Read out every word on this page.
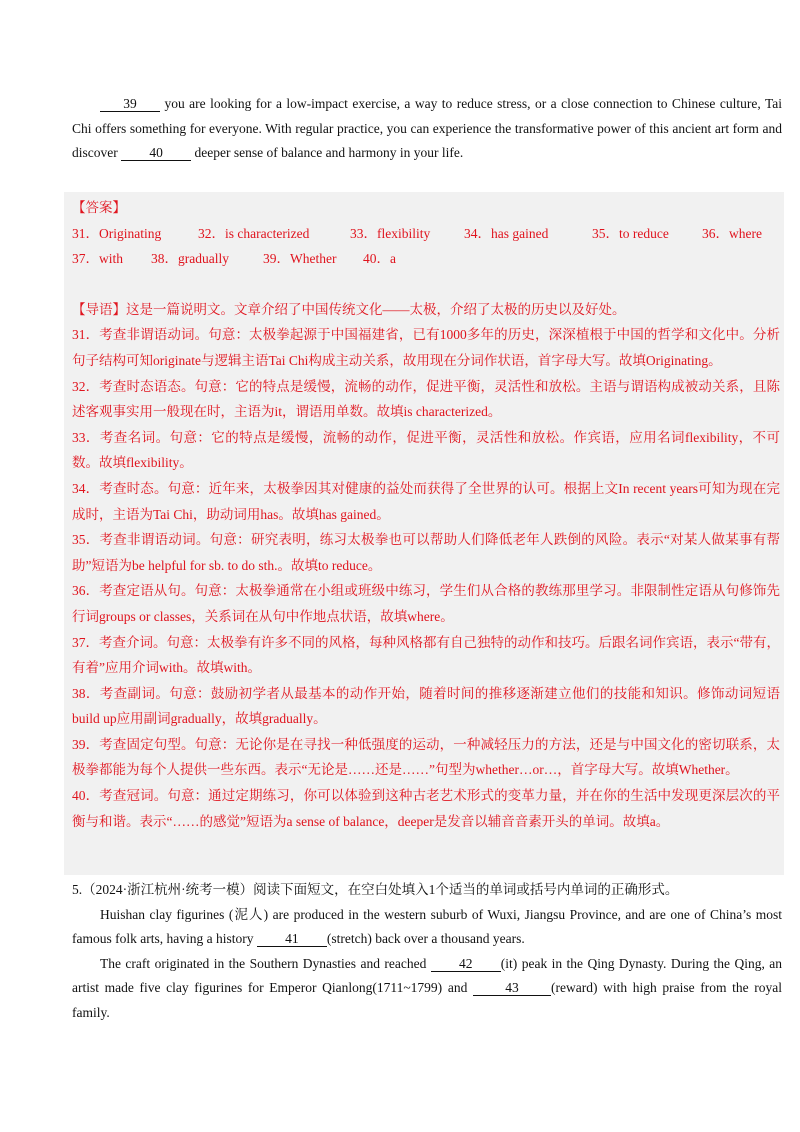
39 you are looking for a low-impact exercise, a way to reduce stress, or a close connection to Chinese culture, Tai Chi offers something for everyone. With regular practice, you can experience the transformative power of this ancient art form and discover 40 deeper sense of balance and harmony in your life.

【答案】
31．Originating	32．is characterized	33．flexibility	34．has gained	35．to reduce	36．where
37．with	38．gradually	39．Whether	40．a
【导语】这是一篇说明文。文章介绍了中国传统文化——太极，介绍了太极的历史以及好处。
31．考查非谓语动词。句意：太极拳起源于中国福建省，已有1000多年的历史，深深植根于中国的哲学和文化中。分析句子结构可知originate与逻辑主语Tai Chi构成主动关系，故用现在分词作状语，首字母大写。故填Originating。
32．考查时态语态。句意：它的特点是缓慢，流畅的动作，促进平衡，灵活性和放松。主语与谓语构成被动关系，且陈述客观事实用一般现在时，主语为it，谓语用单数。故填is characterized。
33．考查名词。句意：它的特点是缓慢，流畅的动作，促进平衡，灵活性和放松。作宾语，应用名词flexibility，不可数。故填flexibility。
34．考查时态。句意：近年来，太极拳因其对健康的益处而获得了全世界的认可。根据上文In recent years可知为现在完成时，主语为Tai Chi，助动词用has。故填has gained。
35．考查非谓语动词。句意：研究表明，练习太极拳也可以帮助人们降低老年人跌倒的风险。表示“对某人做某事有帮助”短语为be helpful for sb. to do sth.。故填to reduce。
36．考查定语从句。句意：太极拳通常在小组或班级中练习，学生们从合格的教练那里学习。非限制性定语从句修饰先行词groups or classes，关系词在从句中作地点状语，故填where。
37．考查介词。句意：太极拳有许多不同的风格，每种风格都有自己独特的动作和技巧。后跟名词作宾语，表示“带有，有着”应用介词with。故填with。
38．考查副词。句意：鼓励初学者从最基本的动作开始，随着时间的推移逐渐建立他们的技能和知识。修饰动词短语build up应用副词gradually，故填gradually。
39．考查固定句型。句意：无论你是在寻找一种低强度的运动，一种减轻压力的方法，还是与中国文化的密切联系，太极拳都能为每个人提供一些东西。表示“无论是……还是……”句型为whether…or…，首字母大写。故填Whether。
40．考查冠词。句意：通过定期练习，你可以体验到这种古老艺术形式的变革力量，并在你的生活中发现更深层次的平衡与和谐。表示“……的感觉”短语为a sense of balance，deeper是发音以辅音音素开头的单词。故填a。

5.（2024·浙江杭州·统考一模）阅读下面短文，在空白处填入1个适当的单词或括号内单词的正确形式。

Huishan clay figurines (泥人) are produced in the western suburb of Wuxi, Jiangsu Province, and are one of China’s most famous folk arts, having a history 41 (stretch) back over a thousand years.

The craft originated in the Southern Dynasties and reached 42 (it) peak in the Qing Dynasty. During the Qing, an artist made five clay figurines for Emperor Qianlong(1711~1799) and 43 (reward) with high praise from the royal family.
